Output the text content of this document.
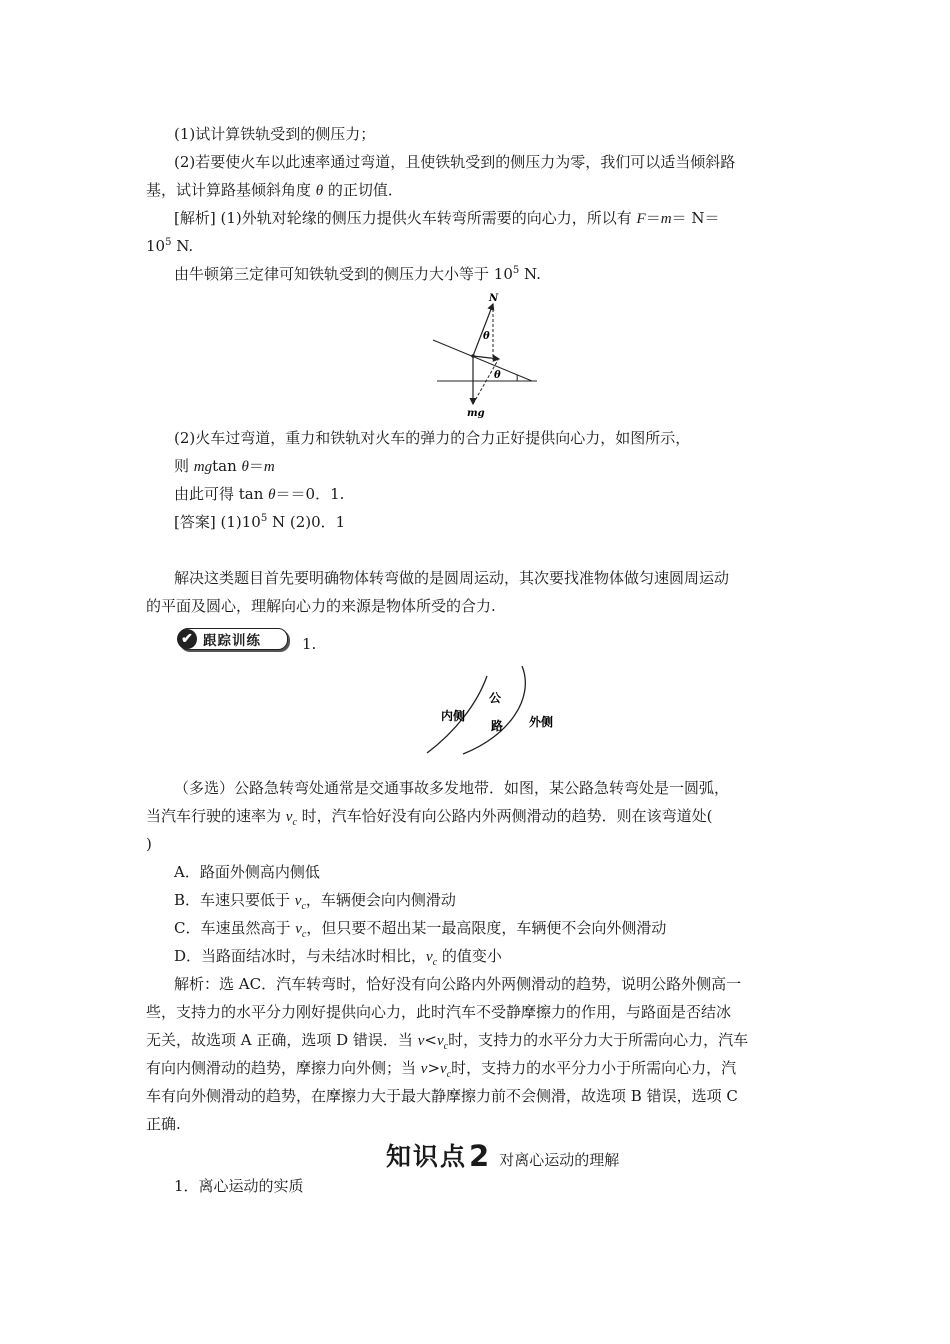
(1)试计算铁轨受到的侧压力；
(2)若要使火车以此速率通过弯道，且使铁轨受到的侧压力为零，我们可以适当倾斜路
基，试计算路基倾斜角度 θ 的正切值．
[解析] (1)外轨对轮缘的侧压力提供火车转弯所需要的向心力，所以有 F＝m＝ N＝
$10^5$ N.
由牛顿第三定律可知铁轨受到的侧压力大小等于 $10^5$ N.
N
θ
θ
mg
(2)火车过弯道，重力和铁轨对火车的弹力的合力正好提供向心力，如图所示，
则 mgtan θ＝m
由此可得 tan θ＝＝0．1.
[答案] $(1)10^5$ N (2)0．1
解决这类题目首先要明确物体转弯做的是圆周运动，其次要找准物体做匀速圆周运动
的平面及圆心，理解向心力的来源是物体所受的合力.
✔ 跟踪训练	1.
内侧
公
路 外侧
（多选）公路急转弯处通常是交通事故多发地带．如图，某公路急转弯处是一圆弧，
当汽车行驶的速率为 $v_c$ 时，汽车恰好没有向公路内外两侧滑动的趋势．则在该弯道处(
)
A．路面外侧高内侧低
B．车速只要低于 $v_c$，车辆便会向内侧滑动
C．车速虽然高于 $v_c$，但只要不超出某一最高限度，车辆便不会向外侧滑动
D．当路面结冰时，与未结冰时相比，$v_c$ 的值变小
解析：选 AC．汽车转弯时，恰好没有向公路内外两侧滑动的趋势，说明公路外侧高一
些，支持力的水平分力刚好提供向心力，此时汽车不受静摩擦力的作用，与路面是否结冰
无关，故选项 A 正确，选项 D 错误．当 $v<v_c$时，支持力的水平分力大于所需向心力，汽车
有向内侧滑动的趋势，摩擦力向外侧；当 $v>v_c$时，支持力的水平分力小于所需向心力，汽
车有向外侧滑动的趋势，在摩擦力大于最大静摩擦力前不会侧滑，故选项 B 错误，选项 C
正确.
知识点 2 对离心运动的理解
1．离心运动的实质
